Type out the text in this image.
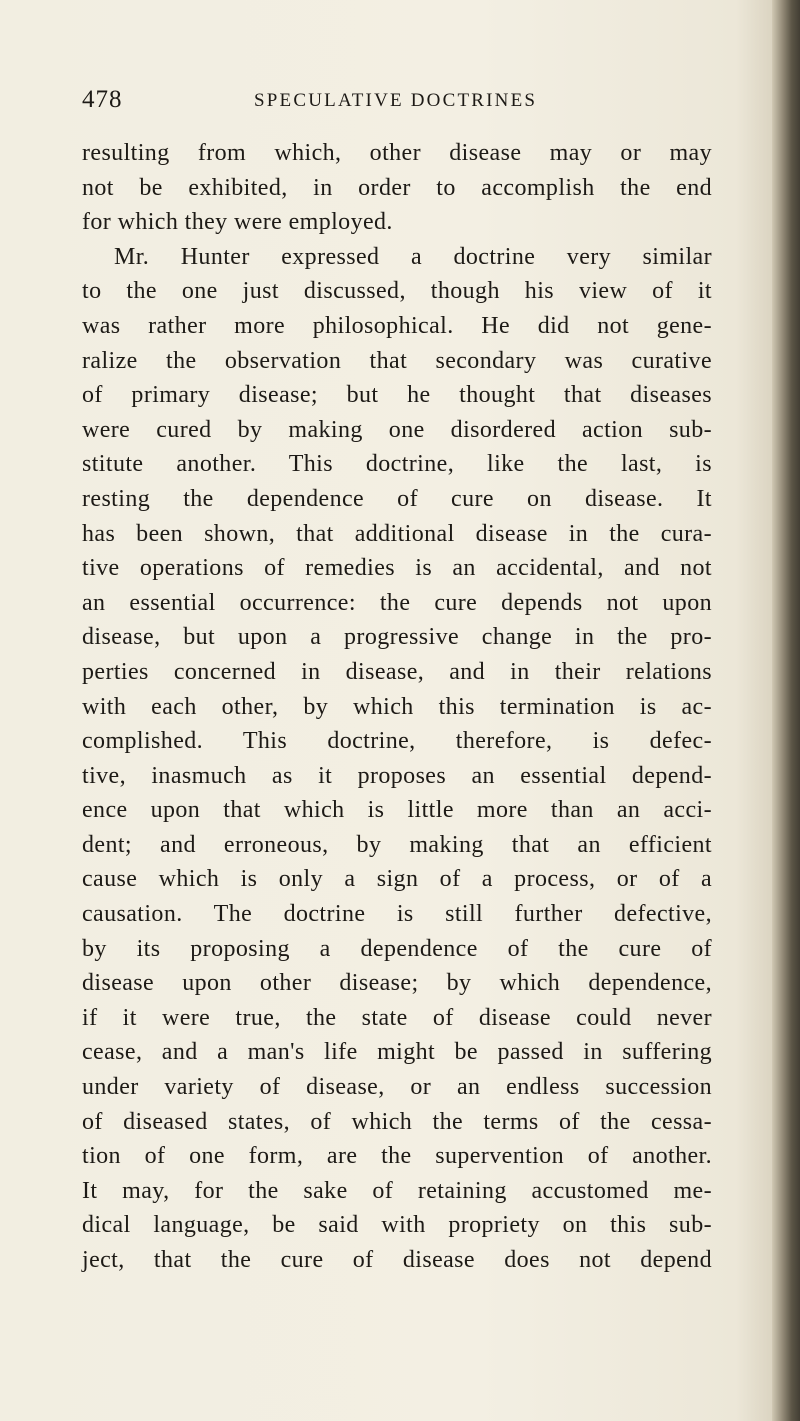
478	SPECULATIVE DOCTRINES
resulting from which, other disease may or may
not be exhibited, in order to accomplish the end
for which they were employed.
Mr. Hunter expressed a doctrine very similar
to the one just discussed, though his view of it
was rather more philosophical. He did not gene-
ralize the observation that secondary was curative
of primary disease; but he thought that diseases
were cured by making one disordered action sub-
stitute another. This doctrine, like the last, is
resting the dependence of cure on disease. It
has been shown, that additional disease in the cura-
tive operations of remedies is an accidental, and not
an essential occurrence: the cure depends not upon
disease, but upon a progressive change in the pro-
perties concerned in disease, and in their relations
with each other, by which this termination is ac-
complished. This doctrine, therefore, is defec-
tive, inasmuch as it proposes an essential depend-
ence upon that which is little more than an acci-
dent; and erroneous, by making that an efficient
cause which is only a sign of a process, or of a
causation. The doctrine is still further defective,
by its proposing a dependence of the cure of
disease upon other disease; by which dependence,
if it were true, the state of disease could never
cease, and a man's life might be passed in suffering
under variety of disease, or an endless succession
of diseased states, of which the terms of the cessa-
tion of one form, are the supervention of another.
It may, for the sake of retaining accustomed me-
dical language, be said with propriety on this sub-
ject, that the cure of disease does not depend
